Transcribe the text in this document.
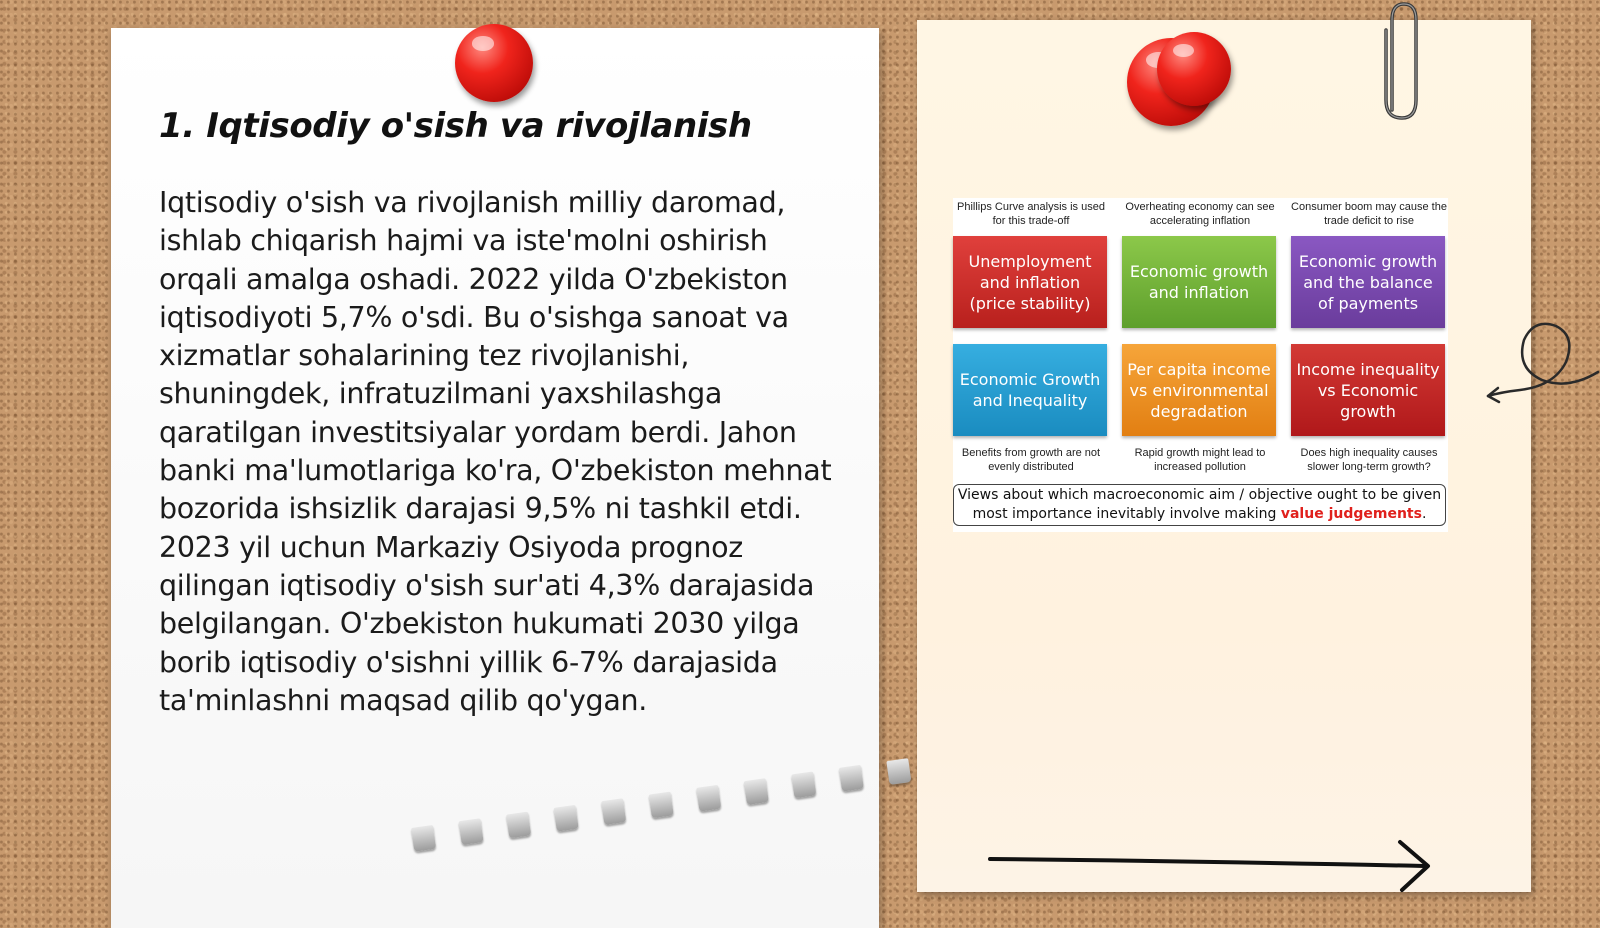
1. Iqtisodiy o'sish va rivojlanish

Iqtisodiy o'sish va rivojlanish milliy daromad, ishlab chiqarish hajmi va iste'molni oshirish orqali amalga oshadi. 2022 yilda O'zbekiston iqtisodiyoti 5,7% o'sdi. Bu o'sishga sanoat va xizmatlar sohalarining tez rivojlanishi, shuningdek, infratuzilmani yaxshilashga qaratilgan investitsiyalar yordam berdi. Jahon banki ma'lumotlariga ko'ra, O'zbekiston mehnat bozorida ishsizlik darajasi 9,5% ni tashkil etdi. 2023 yil uchun Markaziy Osiyoda prognoz qilingan iqtisodiy o'sish sur'ati 4,3% darajasida belgilangan. O'zbekiston hukumati 2030 yilga borib iqtisodiy o'sishni yillik 6-7% darajasida ta'minlashni maqsad qilib qo'ygan.

Phillips Curve analysis is used for this trade-off
Overheating economy can see accelerating inflation
Consumer boom may cause the trade deficit to rise
Unemployment and inflation (price stability)
Economic growth and inflation
Economic growth and the balance of payments
Economic Growth and Inequality
Per capita income vs environmental degradation
Income inequality vs Economic growth
Benefits from growth are not evenly distributed
Rapid growth might lead to increased pollution
Does high inequality causes slower long-term growth?
Views about which macroeconomic aim / objective ought to be given most importance inevitably involve making value judgements.
